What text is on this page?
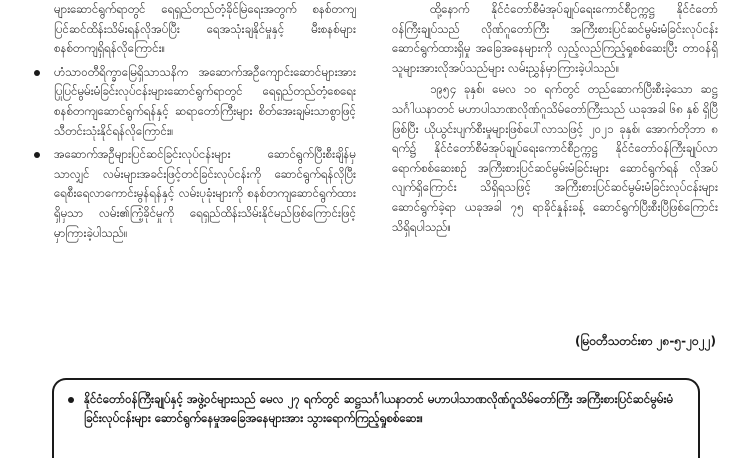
များဆောင်ရွက်ရာတွင် ရေရှည်တည်တံ့ခိုင်မြဲရေးအတွက် စနစ်တကျပြင်ဆင်ထိန်းသိမ်းရန်လိုအပ်ပြီး ရေအသုံးချနိုင်မှုနှင့် မီးစနစ်များ စနစ်တကျရှိရန်လိုကြောင်း။

ဟံသာဝတီရိက္ခာမြေရှိသာသနိက အဆောက်အဦကျောင်းဆောင်များအား ပြုပြင်မွမ်းမံခြင်းလုပ်ငန်းများဆောင်ရွက်ရာတွင် ရေရှည်တည်တံ့စေရေး စနစ်တကျဆောင်ရွက်ရန်နှင့် ဆရာတော်ကြီးများ စိတ်အေးချမ်းသာစွာဖြင့် သီတင်းသုံးနိုင်ရန်လိုကြောင်း။
အဆောက်အဦများပြင်ဆင်ခြင်းလုပ်ငန်းများ ဆောင်ရွက်ပြီးစီးချိန်မှသာလျှင် လမ်းများအခင်းဖြင့်တင်ခြင်းလုပ်ငန်းကို ဆောင်ရွက်ရန်လိုပြီး ရေစီးရေလာကောင်းမွန်ရန်နှင့် လမ်းပုခုံးများကို စနစ်တကျဆောင်ရွက်ထားရှိမှသာ လမ်း၏ကြံ့ခိုင်မှုကို ရေရှည်ထိန်းသိမ်းနိုင်မည်ဖြစ်ကြောင်းဖြင့် မှာကြားခဲ့ပါသည်။

ထို့နောက် နိုင်ငံတော်စီမံအုပ်ချုပ်ရေးကောင်စီဥက္ကဋ္ဌ နိုင်ငံတော်ဝန်ကြီးချုပ်သည် လိုဏ်ဂူတော်ကြီး အကြီးစားပြင်ဆင်မွမ်းမံခြင်းလုပ်ငန်းဆောင်ရွက်ထားရှိမှု အခြေအနေများကို လှည့်လည်ကြည့်ရှုစစ်ဆေးပြီး တာဝန်ရှိသူများအားလိုအပ်သည်များ လမ်းညွှန်မှာကြားခဲ့ပါသည်။

၁၉၅၄ ခုနှစ်၊ မေလ ၁၀ ရက်တွင် တည်ဆောက်ပြီးစီးခဲ့သော ဆဋ္ဌသင်္ဂါယနာတင် မဟာပါသာဏလိုဏ်ဂူသိမ်တော်ကြီးသည် ယခုအခါ ၆၈ နှစ် ရှိပြီဖြစ်ပြီး ယိုယွင်းပျက်စီးမှုများဖြစ်ပေါ်လာသဖြင့် ၂၀၂၁ ခုနှစ်၊ အောက်တိုဘာ ၈ ရက်၌ နိုင်ငံတော်စီမံအုပ်ချုပ်ရေးကောင်စီဥက္ကဋ္ဌ နိုင်ငံတော်ဝန်ကြီးချုပ်လာရောက်စစ်ဆေးစဉ် အကြီးစားပြင်ဆင်မွမ်းမံခြင်းများ ဆောင်ရွက်ရန် လိုအပ်လျက်ရှိကြောင်း သိရှိရသဖြင့် အကြီးစားပြင်ဆင်မွမ်းမံခြင်းလုပ်ငန်းများဆောင်ရွက်ခဲ့ရာ ယခုအခါ ၇၅ ရာခိုင်နှုန်းခန့် ဆောင်ရွက်ပြီးစီးပြီဖြစ်ကြောင်း သိရှိရပါသည်။

(မြဝတီသတင်းစာ ၂၈-၅-၂၀၂၂)
နိုင်ငံတော်ဝန်ကြီးချုပ်နှင့် အဖွဲ့ဝင်များသည် မေလ ၂၇ ရက်တွင် ဆဋ္ဌသင်္ဂါယနာတင် မဟာပါသာဏလိုဏ်ဂူသိမ်တော်ကြီး အကြီးစားပြင်ဆင်မွမ်းမံခြင်းလုပ်ငန်းများ ဆောင်ရွက်နေမှုအခြေအနေများအား သွားရောက်ကြည့်ရှုစစ်ဆေး။
